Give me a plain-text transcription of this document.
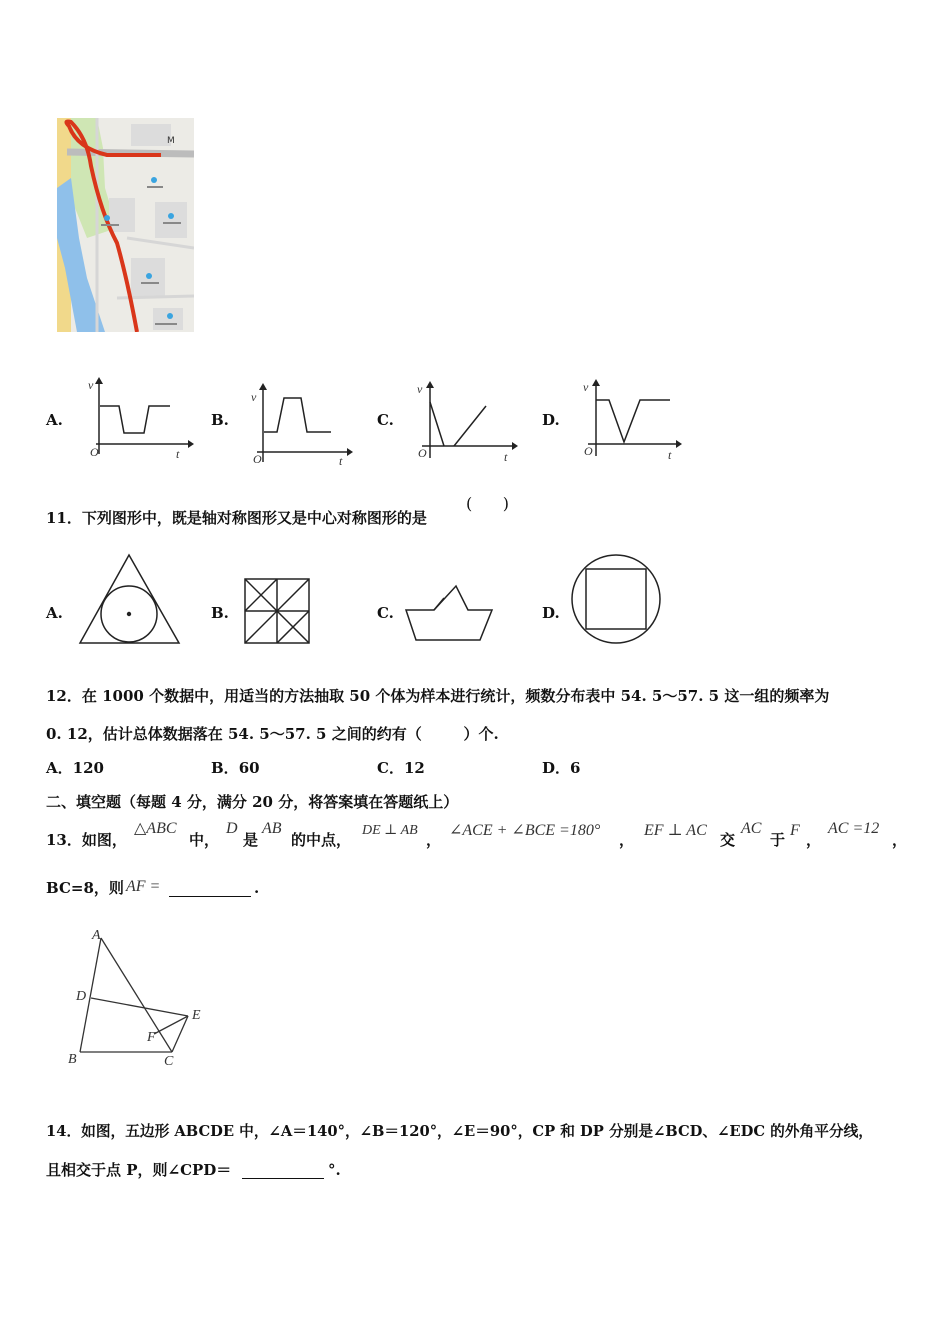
M
A.
v
O	t
B.
v
O	t
C.
v
O	t
D.
v
O	t
11．下列图形中，既是轴对称图形又是中心对称图形的是
(      )
A.	B.	C.	D.
12．在 1000 个数据中，用适当的方法抽取 50 个体为样本进行统计，频数分布表中 54. 5～57. 5 这一组的频率为
0. 12，估计总体数据落在 54. 5～57. 5 之间的约有（        ）个.
A．120	B．60	C．12	D．6
二、填空题（每题 4 分，满分 20 分，将答案填在答题纸上）
13．如图，
△ABC
中，
D
是
AB
的中点，
DE ⊥ AB
，
∠ACE + ∠BCE =180°
，
EF ⊥ AC
交
AC
于
F
，
AC =12
，
BC=8，则 AF =	.
A
D
E
F
B	C
14．如图，五边形 ABCDE 中，∠A＝140°，∠B＝120°，∠E＝90°，CP 和 DP 分别是∠BCD、∠EDC 的外角平分线，
且相交于点 P，则∠CPD＝	°.
